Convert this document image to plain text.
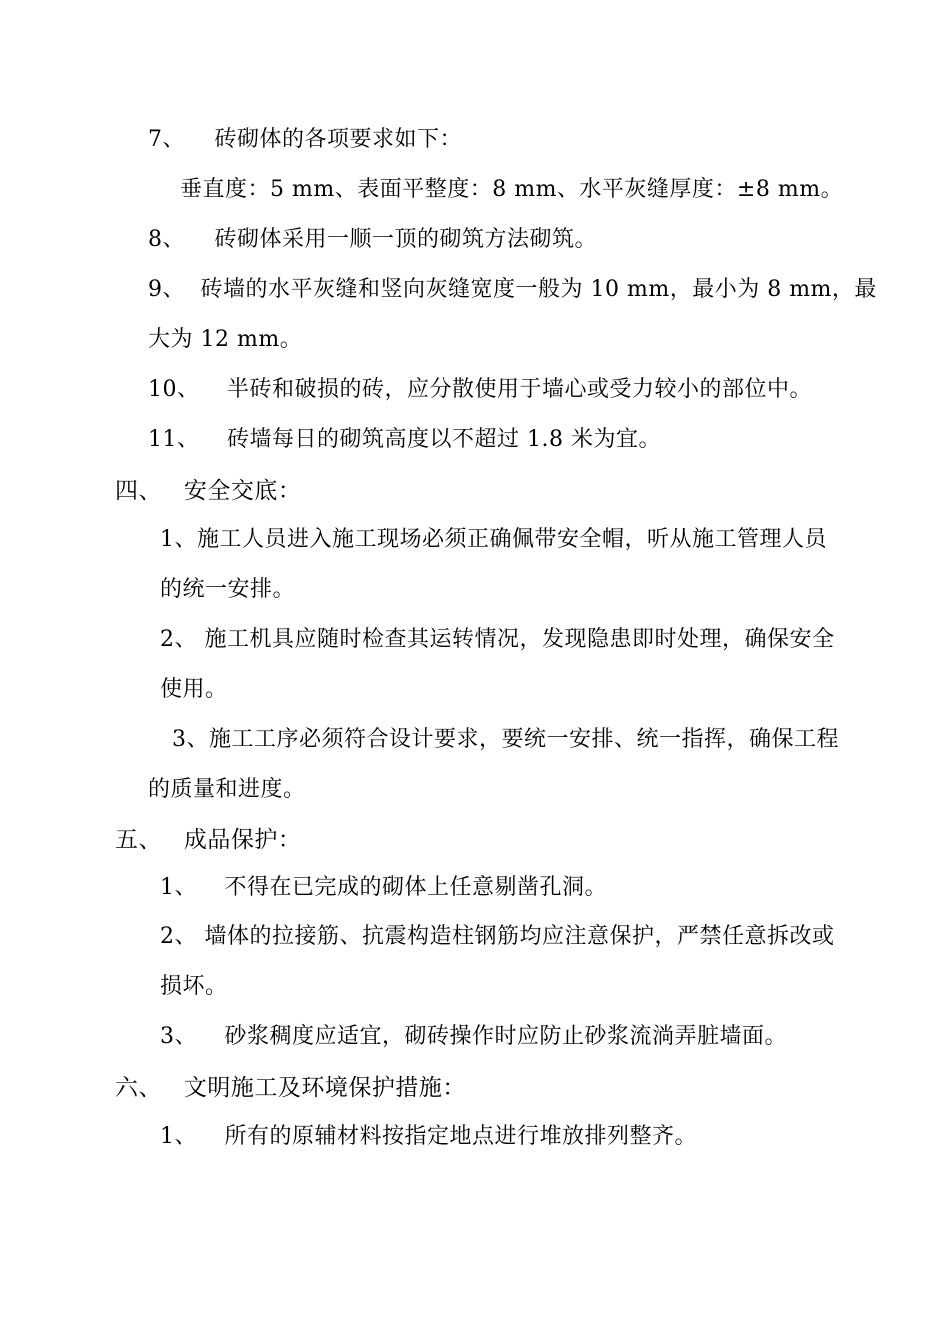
7、 砖砌体的各项要求如下：
垂直度：5 mm、表面平整度：8 mm、水平灰缝厚度：±8 mm。
8、 砖砌体采用一顺一顶的砌筑方法砌筑。
9、 砖墙的水平灰缝和竖向灰缝宽度一般为 10 mm，最小为 8 mm，最
大为 12 mm。
10、 半砖和破损的砖，应分散使用于墙心或受力较小的部位中。
11、 砖墙每日的砌筑高度以不超过 1.8 米为宜。
四、 安全交底：
1、施工人员进入施工现场必须正确佩带安全帽，听从施工管理人员
的统一安排。
2、 施工机具应随时检查其运转情况，发现隐患即时处理，确保安全
使用。
3、施工工序必须符合设计要求，要统一安排、统一指挥，确保工程
的质量和进度。
五、 成品保护：
1、 不得在已完成的砌体上任意剔凿孔洞。
2、 墙体的拉接筋、抗震构造柱钢筋均应注意保护，严禁任意拆改或
损坏。
3、 砂浆稠度应适宜，砌砖操作时应防止砂浆流淌弄脏墙面。
六、 文明施工及环境保护措施：
1、 所有的原辅材料按指定地点进行堆放排列整齐。
